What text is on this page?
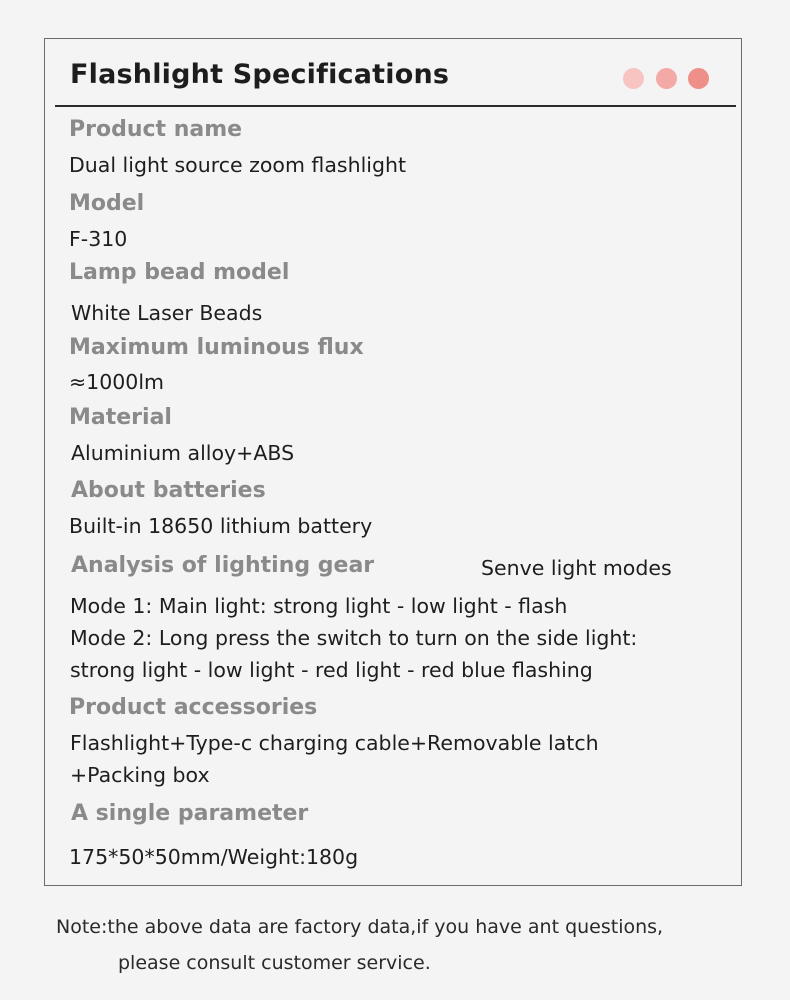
Flashlight Specifications
Product name
Dual light source zoom flashlight
Model
F-310
Lamp bead model
White Laser Beads
Maximum luminous flux
≈1000lm
Material
Aluminium alloy+ABS
About batteries
Built-in 18650 lithium battery
Analysis of lighting gear	Senve light modes
Mode 1: Main light: strong light - low light - flash
Mode 2: Long press the switch to turn on the side light:
strong light - low light - red light - red blue flashing
Product accessories
Flashlight+Type-c charging cable+Removable latch
+Packing box
A single parameter
175*50*50mm/Weight:180g
Note:the above data are factory data,if you have ant questions,
please consult customer service.
